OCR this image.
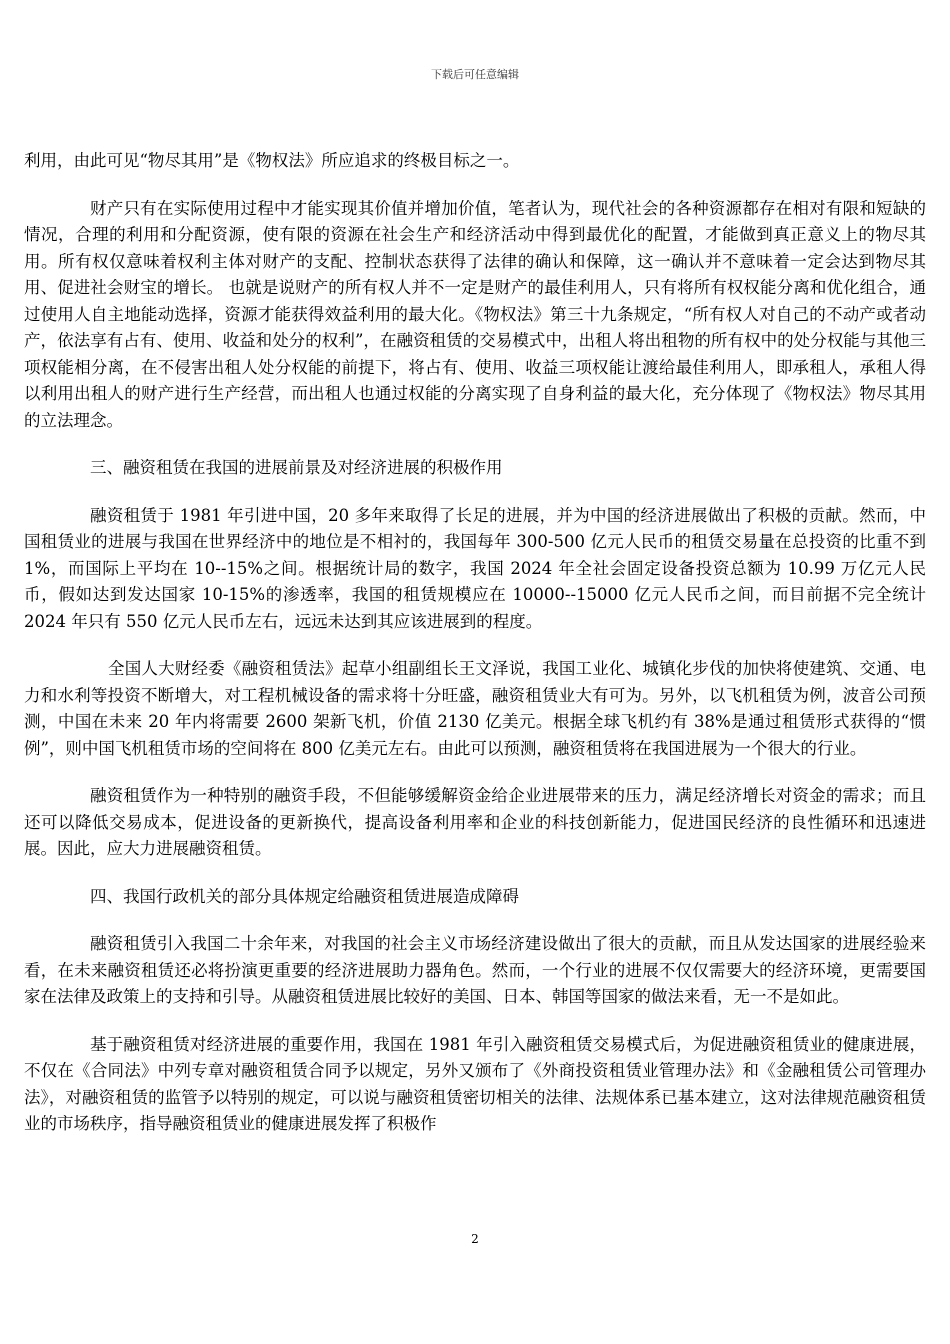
下载后可任意编辑

利用，由此可见“物尽其用”是《物权法》所应追求的终极目标之一。

财产只有在实际使用过程中才能实现其价值并增加价值，笔者认为，现代社会的各种资源都存在相对有限和短缺的情况，合理的利用和分配资源，使有限的资源在社会生产和经济活动中得到最优化的配置，才能做到真正意义上的物尽其用。所有权仅意味着权利主体对财产的支配、控制状态获得了法律的确认和保障，这一确认并不意味着一定会达到物尽其用、促进社会财宝的增长。 也就是说财产的所有权人并不一定是财产的最佳利用人，只有将所有权权能分离和优化组合，通过使用人自主地能动选择，资源才能获得效益利用的最大化。《物权法》第三十九条规定，“所有权人对自己的不动产或者动产，依法享有占有、使用、收益和处分的权利”，在融资租赁的交易模式中，出租人将出租物的所有权中的处分权能与其他三项权能相分离，在不侵害出租人处分权能的前提下，将占有、使用、收益三项权能让渡给最佳利用人，即承租人，承租人得以利用出租人的财产进行生产经营，而出租人也通过权能的分离实现了自身利益的最大化，充分体现了《物权法》物尽其用的立法理念。

三、融资租赁在我国的进展前景及对经济进展的积极作用

融资租赁于 1981 年引进中国，20 多年来取得了长足的进展，并为中国的经济进展做出了积极的贡献。然而，中国租赁业的进展与我国在世界经济中的地位是不相衬的，我国每年 300-500 亿元人民币的租赁交易量在总投资的比重不到 1%，而国际上平均在 10--15%之间。根据统计局的数字，我国 2024 年全社会固定设备投资总额为 10.99 万亿元人民币，假如达到发达国家 10-15%的渗透率，我国的租赁规模应在 10000--15000 亿元人民币之间，而目前据不完全统计 2024 年只有 550 亿元人民币左右，远远未达到其应该进展到的程度。

全国人大财经委《融资租赁法》起草小组副组长王文泽说，我国工业化、城镇化步伐的加快将使建筑、交通、电力和水利等投资不断增大，对工程机械设备的需求将十分旺盛，融资租赁业大有可为。另外，以飞机租赁为例，波音公司预测，中国在未来 20 年内将需要 2600 架新飞机，价值 2130 亿美元。根据全球飞机约有 38%是通过租赁形式获得的“惯例”，则中国飞机租赁市场的空间将在 800 亿美元左右。由此可以预测，融资租赁将在我国进展为一个很大的行业。

融资租赁作为一种特别的融资手段，不但能够缓解资金给企业进展带来的压力，满足经济增长对资金的需求；而且还可以降低交易成本，促进设备的更新换代，提高设备利用率和企业的科技创新能力，促进国民经济的良性循环和迅速进展。因此，应大力进展融资租赁。

四、我国行政机关的部分具体规定给融资租赁进展造成障碍

融资租赁引入我国二十余年来，对我国的社会主义市场经济建设做出了很大的贡献，而且从发达国家的进展经验来看，在未来融资租赁还必将扮演更重要的经济进展助力器角色。然而，一个行业的进展不仅仅需要大的经济环境，更需要国家在法律及政策上的支持和引导。从融资租赁进展比较好的美国、日本、韩国等国家的做法来看，无一不是如此。

基于融资租赁对经济进展的重要作用，我国在 1981 年引入融资租赁交易模式后，为促进融资租赁业的健康进展，不仅在《合同法》中列专章对融资租赁合同予以规定，另外又颁布了《外商投资租赁业管理办法》和《金融租赁公司管理办法》，对融资租赁的监管予以特别的规定，可以说与融资租赁密切相关的法律、法规体系已基本建立，这对法律规范融资租赁业的市场秩序，指导融资租赁业的健康进展发挥了积极作

2
